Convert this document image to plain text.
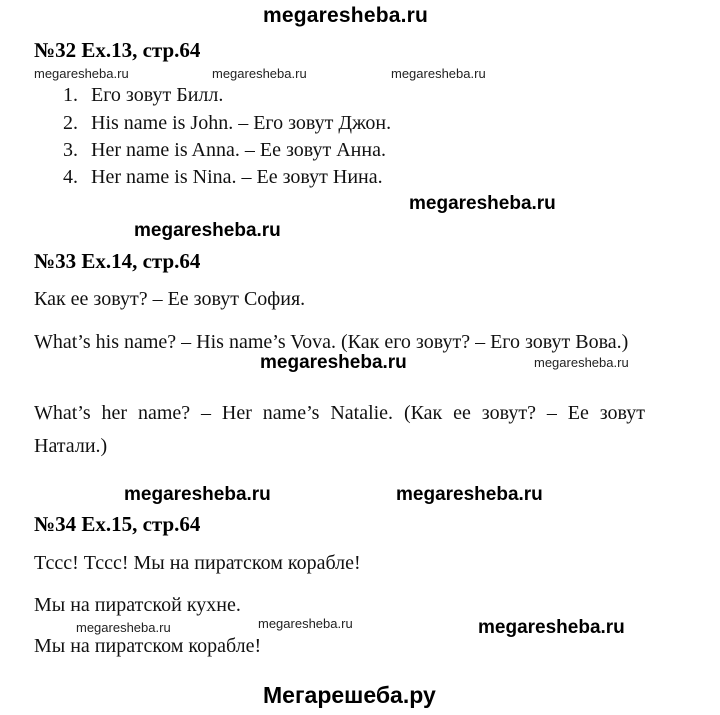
megaresheba.ru
№32 Ex.13, стр.64
megaresheba.ru	megaresheba.ru	megaresheba.ru
1. Его зовут Билл.
2. His name is John. – Его зовут Джон.
3. Her name is Anna. – Ее зовут Анна.
4. Her name is Nina. – Ее зовут Нина.
megaresheba.ru
megaresheba.ru
№33 Ex.14, стр.64
Как ее зовут? – Ее зовут София.
What’s his name? – His name’s Vova. (Как его зовут? – Его зовут Вова.)
megaresheba.ru	megaresheba.ru
What’s her name? – Her name’s Natalie. (Как ее зовут? – Ее зовут Натали.)
megaresheba.ru	megaresheba.ru
№34 Ex.15, стр.64
Тссс! Тссс! Мы на пиратском корабле!
Мы на пиратской кухне.
megaresheba.ru	megaresheba.ru	megaresheba.ru
Мы на пиратском корабле!
Мегарешеба.ру
